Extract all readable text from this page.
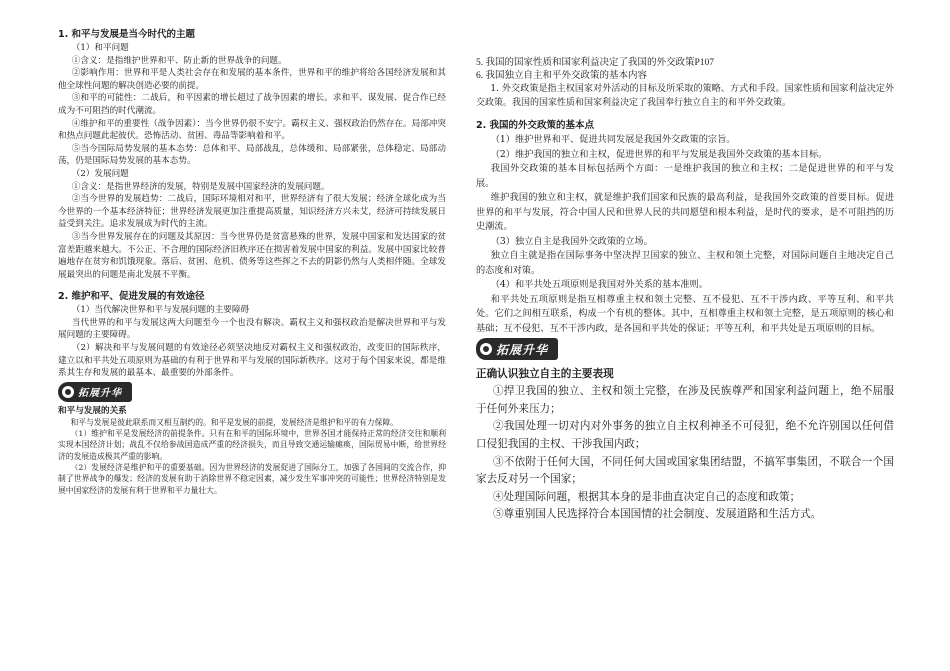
1. 和平与发展是当今时代的主题

（1）和平问题

①含义：是指维护世界和平、防止新的世界战争的问题。

②影响作用：世界和平是人类社会存在和发展的基本条件，世界和平的维护将给各国经济发展和其他全球性问题的解决创造必要的前提。

③和平的可能性：二战后，和平因素的增长超过了战争因素的增长。求和平、谋发展、促合作已经成为不可阻挡的时代潮流。

④维护和平的重要性（战争因素）：当今世界仍很不安宁。霸权主义、强权政治仍然存在。局部冲突和热点问题此起彼伏。恐怖活动、贫困、毒品等影响着和平。

⑤当今国际局势发展的基本态势：总体和平、局部战乱，总体缓和、局部紧张，总体稳定、局部动荡，仍是国际局势发展的基本态势。

（2）发展问题

①含义：是指世界经济的发展，特别是发展中国家经济的发展问题。

②当今世界的发展趋势：二战后，国际环境相对和平，世界经济有了很大发展；经济全球化成为当今世界的一个基本经济特征；世界经济发展更加注重提高质量，知识经济方兴未艾，经济可持续发展日益受到关注。追求发展成为时代的主流。

③当今世界发展存在的问题及其原因：当今世界仍是贫富悬殊的世界，发展中国家和发达国家的贫富差距越来越大。不公正、不合理的国际经济旧秩序还在损害着发展中国家的利益。发展中国家比较普遍地存在贫穷和饥饿现象。落后、贫困、危机、债务等这些挥之不去的阴影仍然与人类相伴随。全球发展最突出的问题是南北发展不平衡。

2. 维护和平、促进发展的有效途径

（1）当代解决世界和平与发展问题的主要障碍

当代世界的和平与发展这两大问题至今一个也没有解决。霸权主义和强权政治是解决世界和平与发展问题的主要障碍。

（2）解决和平与发展问题的有效途径必须坚决地反对霸权主义和强权政治，改变旧的国际秩序，建立以和平共处五项原则为基础的有利于世界和平与发展的国际新秩序。这对于每个国家来说，都是维系其生存和发展的最基本、最重要的外部条件。

拓展升华

和平与发展的关系

和平与发展是彼此联系而又相互制约的。和平是发展的前提，发展经济是维护和平的有力保障。

（1）维护和平是发展经济的前提条件。只有在和平的国际环境中，世界各国才能保持正常的经济交往和顺利实现本国经济计划；战乱不仅给参战国造成严重的经济损失，而且导致交通运输瘫痪，国际贸易中断，给世界经济的发展造成极其严重的影响。

（2）发展经济是维护和平的重要基础。因为世界经济的发展促进了国际分工，加强了各国间的交流合作，抑制了世界战争的爆发；经济的发展有助于消除世界不稳定因素，减少发生军事冲突的可能性；世界经济特别是发展中国家经济的发展有利于世界和平力量壮大。

5. 我国的国家性质和国家利益决定了我国的外交政策P107

6. 我国独立自主和平外交政策的基本内容

1. 外交政策是指主权国家对外活动的目标及所采取的策略、方式和手段。国家性质和国家利益决定外交政策。我国的国家性质和国家利益决定了我国奉行独立自主的和平外交政策。

2. 我国的外交政策的基本点

（1）维护世界和平、促进共同发展是我国外交政策的宗旨。

（2）维护我国的独立和主权，促进世界的和平与发展是我国外交政策的基本目标。

我国外交政策的基本目标包括两个方面：一是维护我国的独立和主权；二是促进世界的和平与发展。

维护我国的独立和主权，就是维护我们国家和民族的最高利益，是我国外交政策的首要目标。促进世界的和平与发展，符合中国人民和世界人民的共同愿望和根本利益，是时代的要求，是不可阻挡的历史潮流。

（3）独立自主是我国外交政策的立场。

独立自主就是指在国际事务中坚决捍卫国家的独立、主权和领土完整，对国际问题自主地决定自己的态度和对策。

（4）和平共处五项原则是我国对外关系的基本准则。

和平共处五项原则是指互相尊重主权和领土完整、互不侵犯、互不干涉内政、平等互利、和平共处。它们之间相互联系，构成一个有机的整体。其中，互相尊重主权和领土完整，是五项原则的核心和基础；互不侵犯、互不干涉内政，是各国和平共处的保证；平等互利，和平共处是五项原则的目标。

拓展升华

正确认识独立自主的主要表现

①捍卫我国的独立、主权和领土完整，在涉及民族尊严和国家利益问题上，绝不屈服于任何外来压力；

②我国处理一切对内对外事务的独立自主权利神圣不可侵犯，绝不允许别国以任何借口侵犯我国的主权、干涉我国内政；

③不依附于任何大国，不同任何大国或国家集团结盟，不搞军事集团，不联合一个国家去反对另一个国家；

④处理国际问题，根据其本身的是非曲直决定自己的态度和政策；

⑤尊重别国人民选择符合本国国情的社会制度、发展道路和生活方式。
